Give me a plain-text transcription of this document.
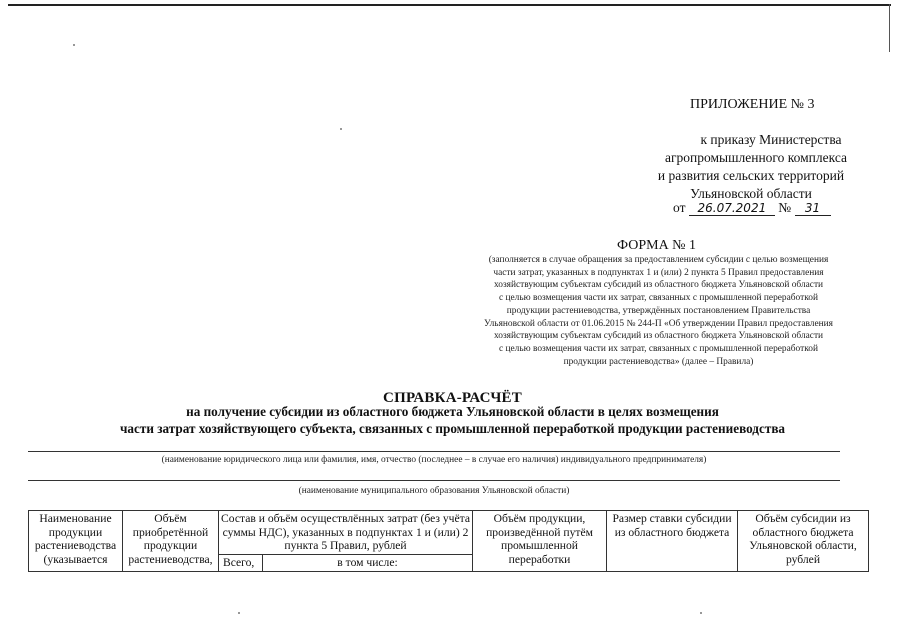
ПРИЛОЖЕНИЕ № 3
к приказу Министерства
агропромышленного комплекса
и развития сельских территорий
Ульяновской области
от 26.07.2021 № 31
ФОРМА № 1
(заполняется в случае обращения за предоставлением субсидии с целью возмещения
части затрат, указанных в подпунктах 1 и (или) 2 пункта 5 Правил предоставления
хозяйствующим субъектам субсидий из областного бюджета Ульяновской области
с целью возмещения части их затрат, связанных с промышленной переработкой
продукции растениеводства, утверждённых постановлением Правительства
Ульяновской области от 01.06.2015 № 244-П «Об утверждении Правил предоставления
хозяйствующим субъектам субсидий из областного бюджета Ульяновской области
с целью возмещения части их затрат, связанных с промышленной переработкой
продукции растениеводства» (далее – Правила)
СПРАВКА-РАСЧЁТ
на получение субсидии из областного бюджета Ульяновской области в целях возмещения
части затрат хозяйствующего субъекта, связанных с промышленной переработкой продукции растениеводства
(наименование юридического лица или фамилия, имя, отчество (последнее – в случае его наличия) индивидуального предпринимателя)
(наименование муниципального образования Ульяновской области)
Наименование продукции растениеводства (указывается	Объём приобретённой продукции растениеводства,	Состав и объём осуществлённых затрат (без учёта суммы НДС), указанных в подпунктах 1 и (или) 2 пункта 5 Правил, рублей		Объём продукции, произведённой путём промышленной переработки	Размер ставки субсидии из областного бюджета	Объём субсидии из областного бюджета Ульяновской области, рублей
		Всего,	в том числе:			
